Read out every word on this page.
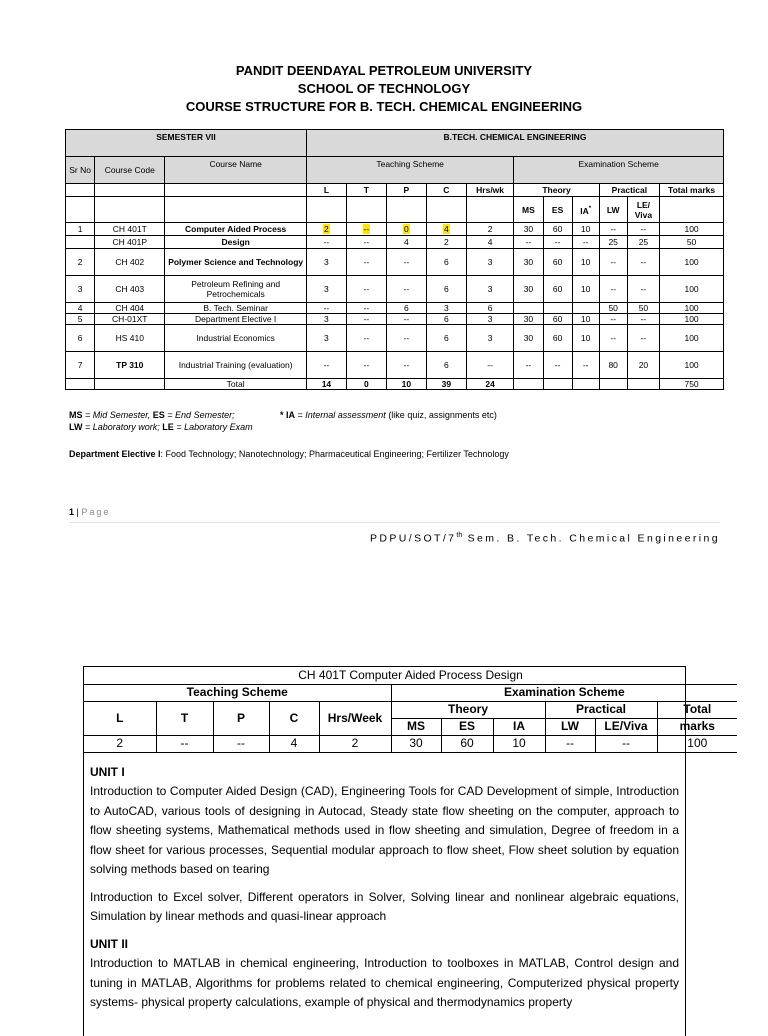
PANDIT DEENDAYAL PETROLEUM UNIVERSITY
SCHOOL OF TECHNOLOGY
COURSE STRUCTURE FOR B. TECH. CHEMICAL ENGINEERING
SEMESTER VII			B.TECH. CHEMICAL ENGINEERING										
Sr No	Course Code	Course Name	Teaching Scheme					Examination Scheme					
			L	T	P	C	Hrs/wk	Theory			Practical		Total marks
								MS	ES	IA*	LW	LE/ Viva	
1	CH 401T	Computer Aided Process	2	--	0	4	2	30	60	10	--	--	100
	CH 401P	Design	--	--	4	2	4	--	--	--	25	25	50
2	CH 402	Polymer Science and Technology	3	--	--	6	3	30	60	10	--	--	100
3	CH 403	Petroleum Refining and Petrochemicals	3	--	--	6	3	30	60	10	--	--	100
4	CH 404	B. Tech. Seminar	--	--	6	3	6				50	50	100
5	CH-01XT	Department Elective I	3	--	--	6	3	30	60	10	--	--	100
6	HS 410	Industrial Economics	3	--	--	6	3	30	60	10	--	--	100
7	TP 310	Industrial Training (evaluation)	--	--	--	6	--	--	--	--	80	20	100
		Total	14	0	10	39	24						750
MS = Mid Semester, ES = End Semester;
LW = Laboratory work; LE = Laboratory Exam
* IA = Internal assessment (like quiz, assignments etc)
Department Elective I: Food Technology; Nanotechnology; Pharmaceutical Engineering; Fertilizer Technology
1 | Page
PDPU/SOT/7th Sem. B. Tech. Chemical Engineering
CH 401T Computer Aided Process Design										
Teaching Scheme					Examination Scheme					
L	T	P	C	Hrs/Week	Theory			Practical		Total
					MS	ES	IA	LW	LE/Viva	marks
2	--	--	4	2	30	60	10	--	--	100
UNIT I

Introduction to Computer Aided Design (CAD), Engineering Tools for CAD Development of simple, Introduction to AutoCAD, various tools of designing in Autocad, Steady state flow sheeting on the computer, approach to flow sheeting systems, Mathematical methods used in flow sheeting and simulation, Degree of freedom in a flow sheet for various processes, Sequential modular approach to flow sheet, Flow sheet solution by equation solving methods based on tearing

Introduction to Excel solver, Different operators in Solver, Solving linear and nonlinear algebraic equations, Simulation by linear methods and quasi-linear approach

UNIT II

Introduction to MATLAB in chemical engineering, Introduction to toolboxes in MATLAB, Control design and tuning in MATLAB, Algorithms for problems related to chemical engineering, Computerized physical property systems- physical property calculations, example of physical and thermodynamics property
